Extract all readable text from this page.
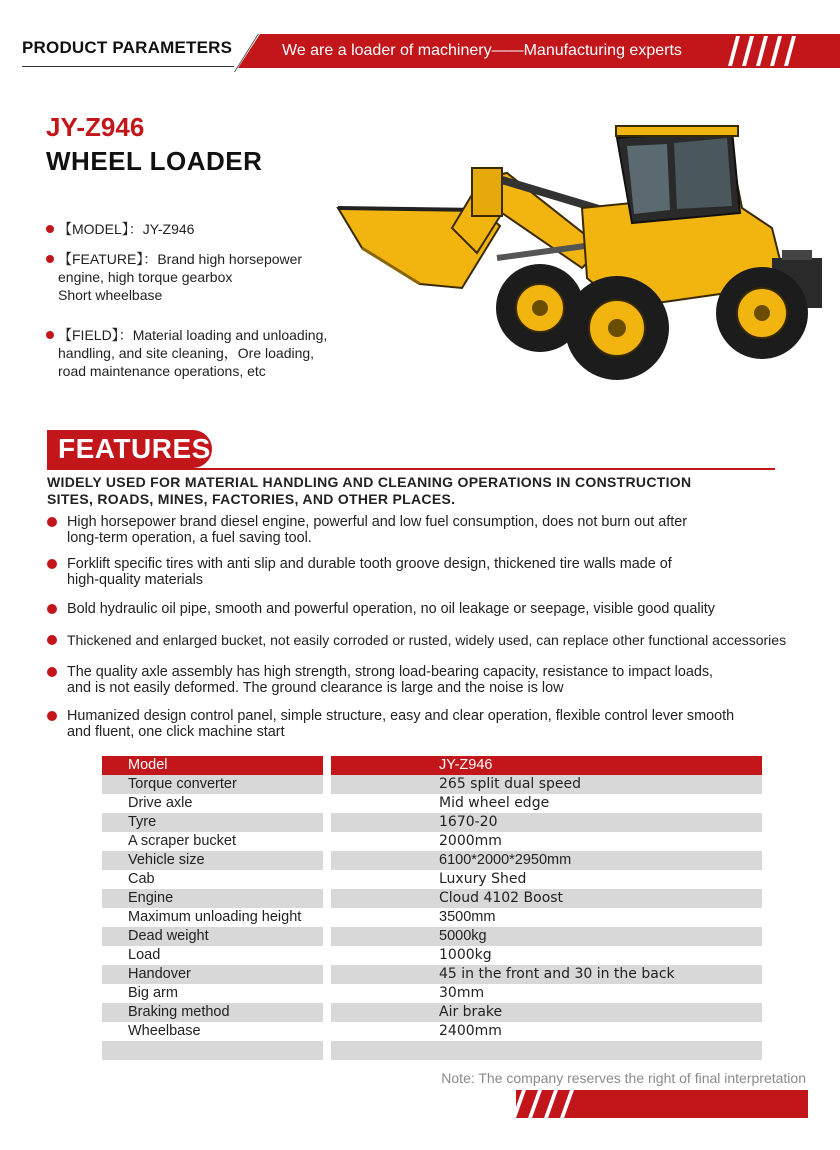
PRODUCT PARAMETERS	We are a loader of machinery——Manufacturing experts
JY-Z946
WHEEL LOADER
【MODEL】：JY-Z946
【FEATURE】：Brand high horsepower
engine, high torque gearbox
Short wheelbase
【FIELD】：Material loading and unloading,
handling, and site cleaning，Ore loading,
road maintenance operations, etc
FEATURES
WIDELY USED FOR MATERIAL HANDLING AND CLEANING OPERATIONS IN CONSTRUCTION
SITES, ROADS, MINES, FACTORIES, AND OTHER PLACES.
High horsepower brand diesel engine, powerful and low fuel consumption, does not burn out after
long-term operation, a fuel saving tool.
Forklift specific tires with anti slip and durable tooth groove design, thickened tire walls made of
high-quality materials
Bold hydraulic oil pipe, smooth and powerful operation, no oil leakage or seepage, visible good quality
Thickened and enlarged bucket, not easily corroded or rusted, widely used, can replace other functional accessories
The quality axle assembly has high strength, strong load-bearing capacity, resistance to impact loads,
and is not easily deformed. The ground clearance is large and the noise is low
Humanized design control panel, simple structure, easy and clear operation, flexible control lever smooth
and fluent, one click machine start
Model	JY-Z946
Torque converter	265 split dual speed
Drive axle	Mid wheel edge
Tyre	1670-20
A scraper bucket	2000mm
Vehicle size	6100*2000*2950mm
Cab	Luxury Shed
Engine	Cloud 4102 Boost
Maximum unloading height	3500mm
Dead weight	5000kg
Load	1000kg
Handover	45 in the front and 30 in the back
Big arm	30mm
Braking method	Air brake
Wheelbase	2400mm
Note: The company reserves the right of final interpretation
